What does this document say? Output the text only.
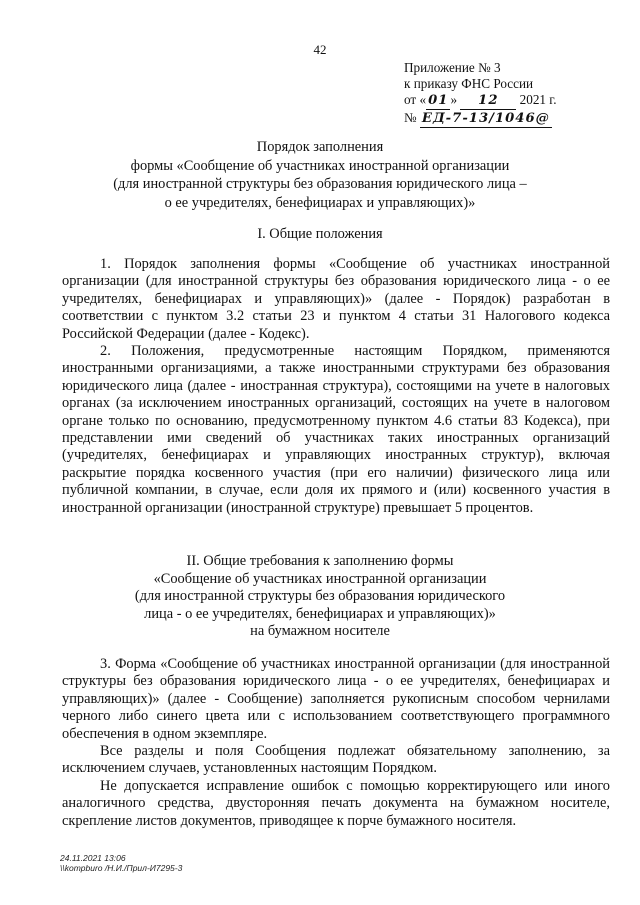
42
Приложение № 3
к приказу ФНС России
от « 01 » 12 2021 г.
№ ЕД-7-13/1046@
Порядок заполнения
формы «Сообщение об участниках иностранной организации
(для иностранной структуры без образования юридического лица –
о ее учредителях, бенефициарах и управляющих)»
I. Общие положения

1. Порядок заполнения формы «Сообщение об участниках иностранной организации (для иностранной структуры без образования юридического лица - о ее учредителях, бенефициарах и управляющих)» (далее - Порядок) разработан в соответствии с пунктом 3.2 статьи 23 и пунктом 4 статьи 31 Налогового кодекса Российской Федерации (далее - Кодекс).

2. Положения, предусмотренные настоящим Порядком, применяются иностранными организациями, а также иностранными структурами без образования юридического лица (далее - иностранная структура), состоящими на учете в налоговых органах (за исключением иностранных организаций, состоящих на учете в налоговом органе только по основанию, предусмотренному пунктом 4.6 статьи 83 Кодекса), при представлении ими сведений об участниках таких иностранных организаций (учредителях, бенефициарах и управляющих иностранных структур), включая раскрытие порядка косвенного участия (при его наличии) физического лица или публичной компании, в случае, если доля их прямого и (или) косвенного участия в иностранной организации (иностранной структуре) превышает 5 процентов.

II. Общие требования к заполнению формы
«Сообщение об участниках иностранной организации
(для иностранной структуры без образования юридического
лица - о ее учредителях, бенефициарах и управляющих)»
на бумажном носителе

3. Форма «Сообщение об участниках иностранной организации (для иностранной структуры без образования юридического лица - о ее учредителях, бенефициарах и управляющих)» (далее - Сообщение) заполняется рукописным способом чернилами черного либо синего цвета или с использованием соответствующего программного обеспечения в одном экземпляре.

Все разделы и поля Сообщения подлежат обязательному заполнению, за исключением случаев, установленных настоящим Порядком.

Не допускается исправление ошибок с помощью корректирующего или иного аналогичного средства, двусторонняя печать документа на бумажном носителе, скрепление листов документов, приводящее к порче бумажного носителя.

24.11.2021 13:06
\\kompburo /Н.И./Прил-И7295-3
